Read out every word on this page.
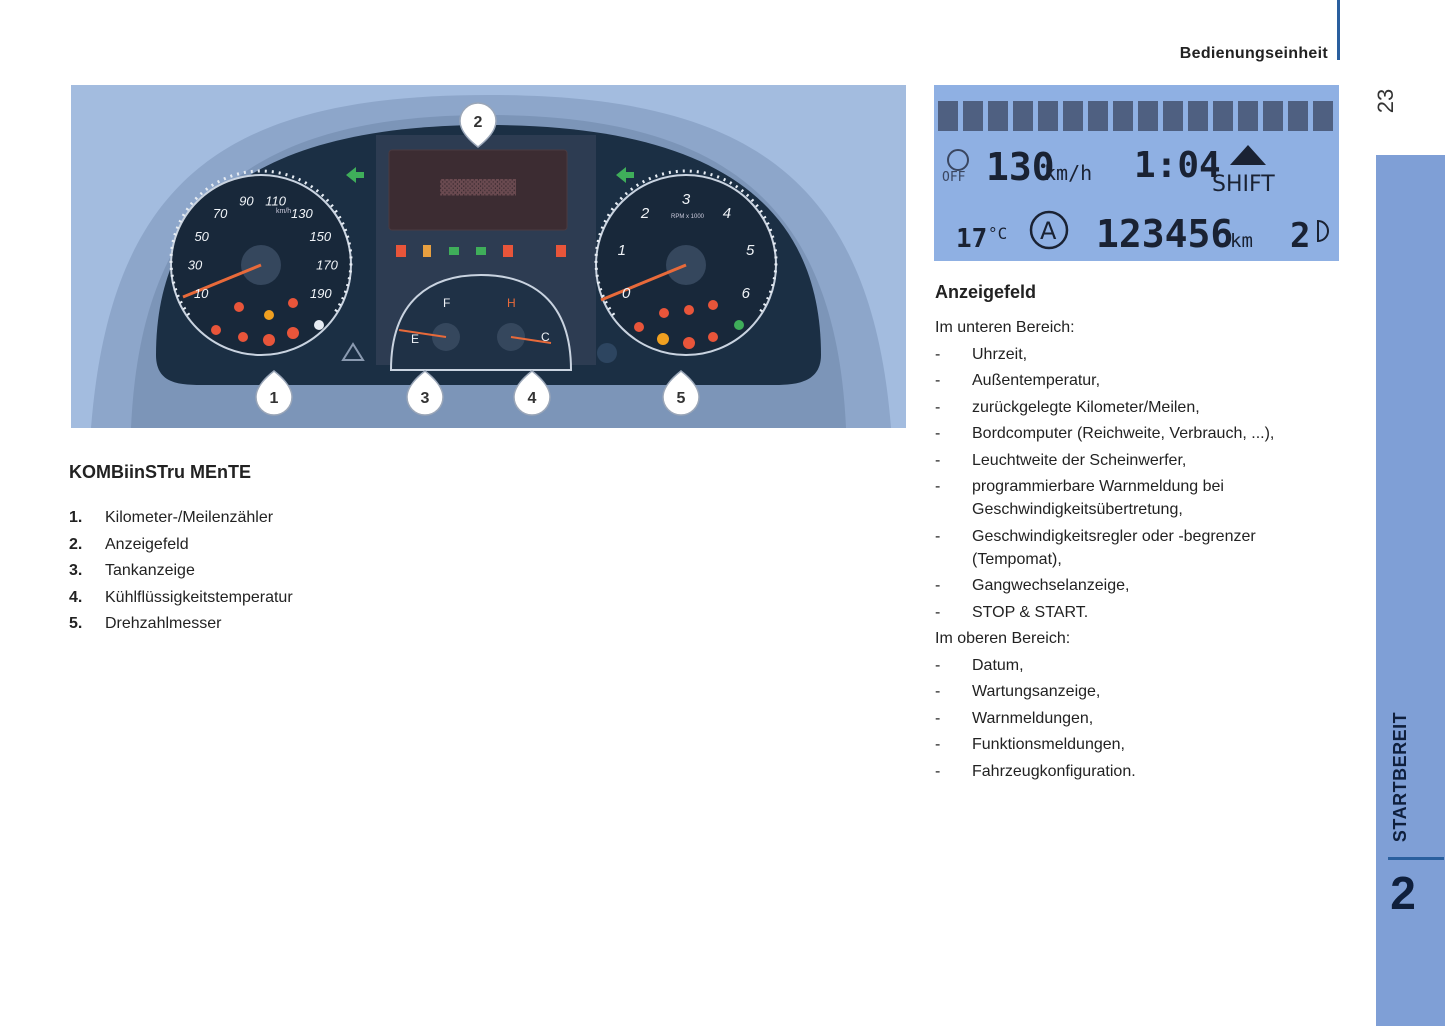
Bedienungseinheit
23
STARTBEREIT
2
▓▓▓▓▓▓▓▓▓
km/h
10
30
50
70
90 110
130
150
170
190
RPM x 1000
0
1
2
3
4
5
6
E
F
C
H
1
2
3	4	5
OFF 130
km/h 1:04
SHIFT
17 °C A 123456
km 2
KOMBiinSTru MEnTE
1.	Kilometer-/Meilenzähler
2.	Anzeigefeld
3.	Tankanzeige
4.	Kühlflüssigkeitstemperatur
5.	Drehzahlmesser
Anzeigefeld
Im unteren Bereich:
-	Uhrzeit,
-	Außentemperatur,
-	zurückgelegte Kilometer/Meilen,
-	Bordcomputer (Reichweite, Verbrauch, ...),
-	Leuchtweite der Scheinwerfer,
-	programmierbare Warnmeldung bei Geschwindigkeitsübertretung,
-	Geschwindigkeitsregler oder -begrenzer (Tempomat),
-	Gangwechselanzeige,
-	STOP & START.
Im oberen Bereich:
-	Datum,
-	Wartungsanzeige,
-	Warnmeldungen,
-	Funktionsmeldungen,
-	Fahrzeugkonfiguration.
